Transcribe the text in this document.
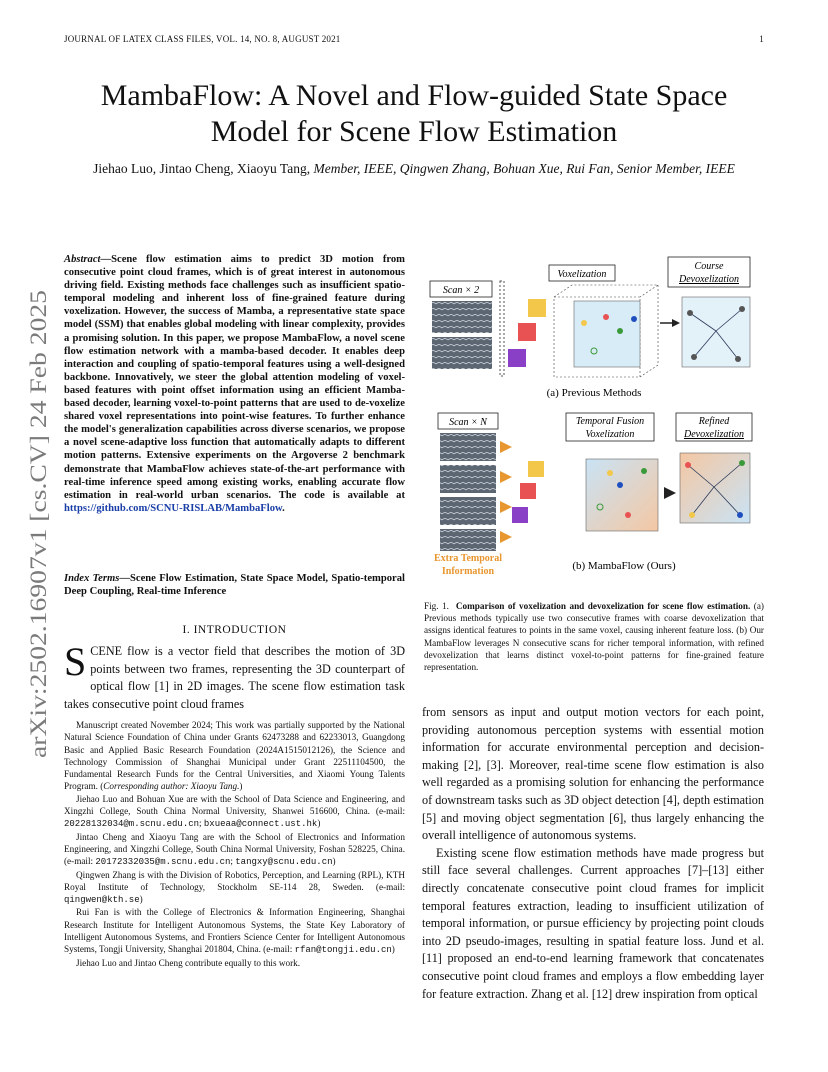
JOURNAL OF LATEX CLASS FILES, VOL. 14, NO. 8, AUGUST 2021	1
MambaFlow: A Novel and Flow-guided State Space
Model for Scene Flow Estimation
Jiehao Luo, Jintao Cheng, Xiaoyu Tang, Member, IEEE, Qingwen Zhang, Bohuan Xue, Rui Fan, Senior Member, IEEE
arXiv:2502.16907v1 [cs.CV] 24 Feb 2025
Abstract—Scene flow estimation aims to predict 3D motion from consecutive point cloud frames, which is of great interest in autonomous driving field. Existing methods face challenges such as insufficient spatio-temporal modeling and inherent loss of fine-grained feature during voxelization. However, the success of Mamba, a representative state space model (SSM) that enables global modeling with linear complexity, provides a promising solution. In this paper, we propose MambaFlow, a novel scene flow estimation network with a mamba-based decoder. It enables deep interaction and coupling of spatio-temporal features using a well-designed backbone. Innovatively, we steer the global attention modeling of voxel-based features with point offset information using an efficient Mamba-based decoder, learning voxel-to-point patterns that are used to de-voxelize shared voxel representations into point-wise features. To further enhance the model's generalization capabilities across diverse scenarios, we propose a novel scene-adaptive loss function that automatically adapts to different motion patterns. Extensive experiments on the Argoverse 2 benchmark demonstrate that MambaFlow achieves state-of-the-art performance with real-time inference speed among existing works, enabling accurate flow estimation in real-world urban scenarios. The code is available at https://github.com/SCNU-RISLAB/MambaFlow.
Index Terms—Scene Flow Estimation, State Space Model, Spatio-temporal Deep Coupling, Real-time Inference
I. INTRODUCTION
SCENE flow is a vector field that describes the motion of 3D points between two frames, representing the 3D counterpart of optical flow [1] in 2D images. The scene flow estimation task takes consecutive point cloud frames

Manuscript created November 2024; This work was partially supported by the National Natural Science Foundation of China under Grants 62473288 and 62233013, Guangdong Basic and Applied Basic Research Foundation (2024A1515012126), the Science and Technology Commission of Shanghai Municipal under Grant 22511104500, the Fundamental Research Funds for the Central Universities, and Xiaomi Young Talents Program. (Corresponding author: Xiaoyu Tang.)

Jiehao Luo and Bohuan Xue are with the School of Data Science and Engineering, and Xingzhi College, South China Normal University, Shanwei 516600, China. (e-mail: 20228132034@m.scnu.edu.cn; bxueaa@connect.ust.hk)

Jintao Cheng and Xiaoyu Tang are with the School of Electronics and Information Engineering, and Xingzhi College, South China Normal University, Foshan 528225, China. (e-mail: 20172332035@m.scnu.edu.cn; tangxy@scnu.edu.cn)

Qingwen Zhang is with the Division of Robotics, Perception, and Learning (RPL), KTH Royal Institute of Technology, Stockholm SE-114 28, Sweden. (e-mail: qingwen@kth.se)

Rui Fan is with the College of Electronics & Information Engineering, Shanghai Research Institute for Intelligent Autonomous Systems, the State Key Laboratory of Intelligent Autonomous Systems, and Frontiers Science Center for Intelligent Autonomous Systems, Tongji University, Shanghai 201804, China. (e-mail: rfan@tongji.edu.cn)

Jiehao Luo and Jintao Cheng contribute equally to this work.

Scan × 2
Voxelization
Course
Devoxelization
(a) Previous Methods
Scan × N
Extra Temporal
Information
Temporal Fusion
Voxelization
Refined
Devoxelization
(b) MambaFlow (Ours)
Fig. 1. Comparison of voxelization and devoxelization for scene flow estimation. (a) Previous methods typically use two consecutive frames with coarse devoxelization that assigns identical features to points in the same voxel, causing inherent feature loss. (b) Our MambaFlow leverages N consecutive scans for richer temporal information, with refined devoxelization that learns distinct voxel-to-point patterns for fine-grained feature representation.

from sensors as input and output motion vectors for each point, providing autonomous perception systems with essential motion information for accurate environmental perception and decision-making [2], [3]. Moreover, real-time scene flow estimation is also well regarded as a promising solution for enhancing the performance of downstream tasks such as 3D object detection [4], depth estimation [5] and moving object segmentation [6], thus largely enhancing the overall intelligence of autonomous systems.

Existing scene flow estimation methods have made progress but still face several challenges. Current approaches [7]–[13] either directly concatenate consecutive point cloud frames for implicit temporal features extraction, leading to insufficient utilization of temporal information, or pursue efficiency by projecting point clouds into 2D pseudo-images, resulting in spatial feature loss. Jund et al. [11] proposed an end-to-end learning framework that concatenates consecutive point cloud frames and employs a flow embedding layer for feature extraction. Zhang et al. [12] drew inspiration from optical
